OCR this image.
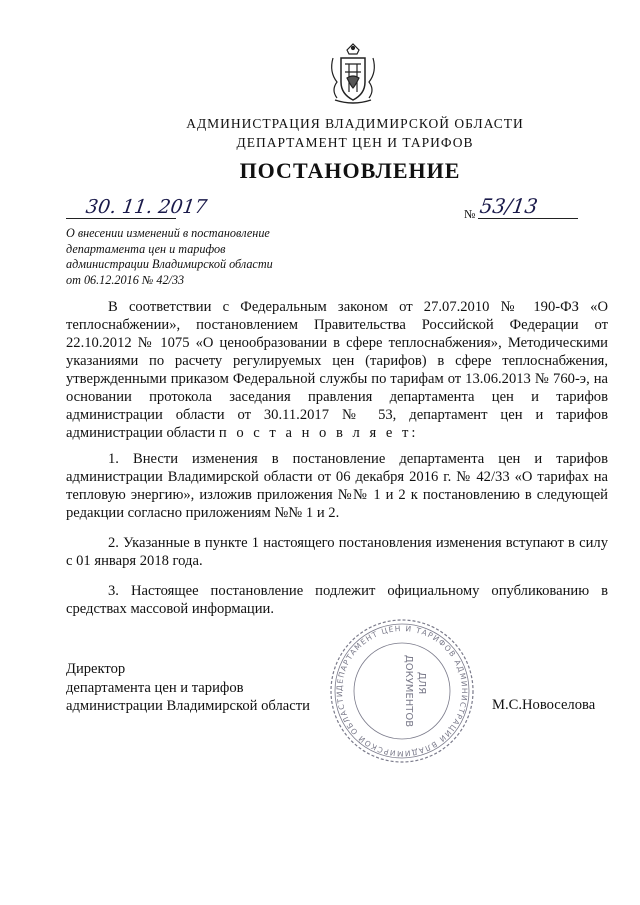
АДМИНИСТРАЦИЯ ВЛАДИМИРСКОЙ ОБЛАСТИ
ДЕПАРТАМЕНТ ЦЕН И ТАРИФОВ
ПОСТАНОВЛЕНИЕ
30. 11. 2017	№ 53/13
О внесении изменений в постановление
департамента цен и тарифов
администрации Владимирской области
от 06.12.2016 № 42/33

В соответствии с Федеральным законом от 27.07.2010 № 190-ФЗ «О теплоснабжении», постановлением Правительства Российской Федерации от 22.10.2012 № 1075 «О ценообразовании в сфере теплоснабжения», Методическими указаниями по расчету регулируемых цен (тарифов) в сфере теплоснабжения, утвержденными приказом Федеральной службы по тарифам от 13.06.2013 № 760-э, на основании протокола заседания правления департамента цен и тарифов администрации области от 30.11.2017 № 53, департамент цен и тарифов администрации области п о с т а н о в л я е т:

1. Внести изменения в постановление департамента цен и тарифов администрации Владимирской области от 06 декабря 2016 г. № 42/33 «О тарифах на тепловую энергию», изложив приложения №№ 1 и 2 к постановлению в следующей редакции согласно приложениям №№ 1 и 2.

2. Указанные в пункте 1 настоящего постановления изменения вступают в силу с 01 января 2018 года.

3. Настоящее постановление подлежит официальному опубликованию в средствах массовой информации.

Директор
департамента цен и тарифов
администрации Владимирской области	М.С.Новоселова
ДЕПАРТАМЕНТ ЦЕН И ТАРИФОВ АДМИНИСТРАЦИИ ВЛАДИМИРСКОЙ ОБЛАСТИ	ДЛЯ
ДОКУМЕНТОВ
